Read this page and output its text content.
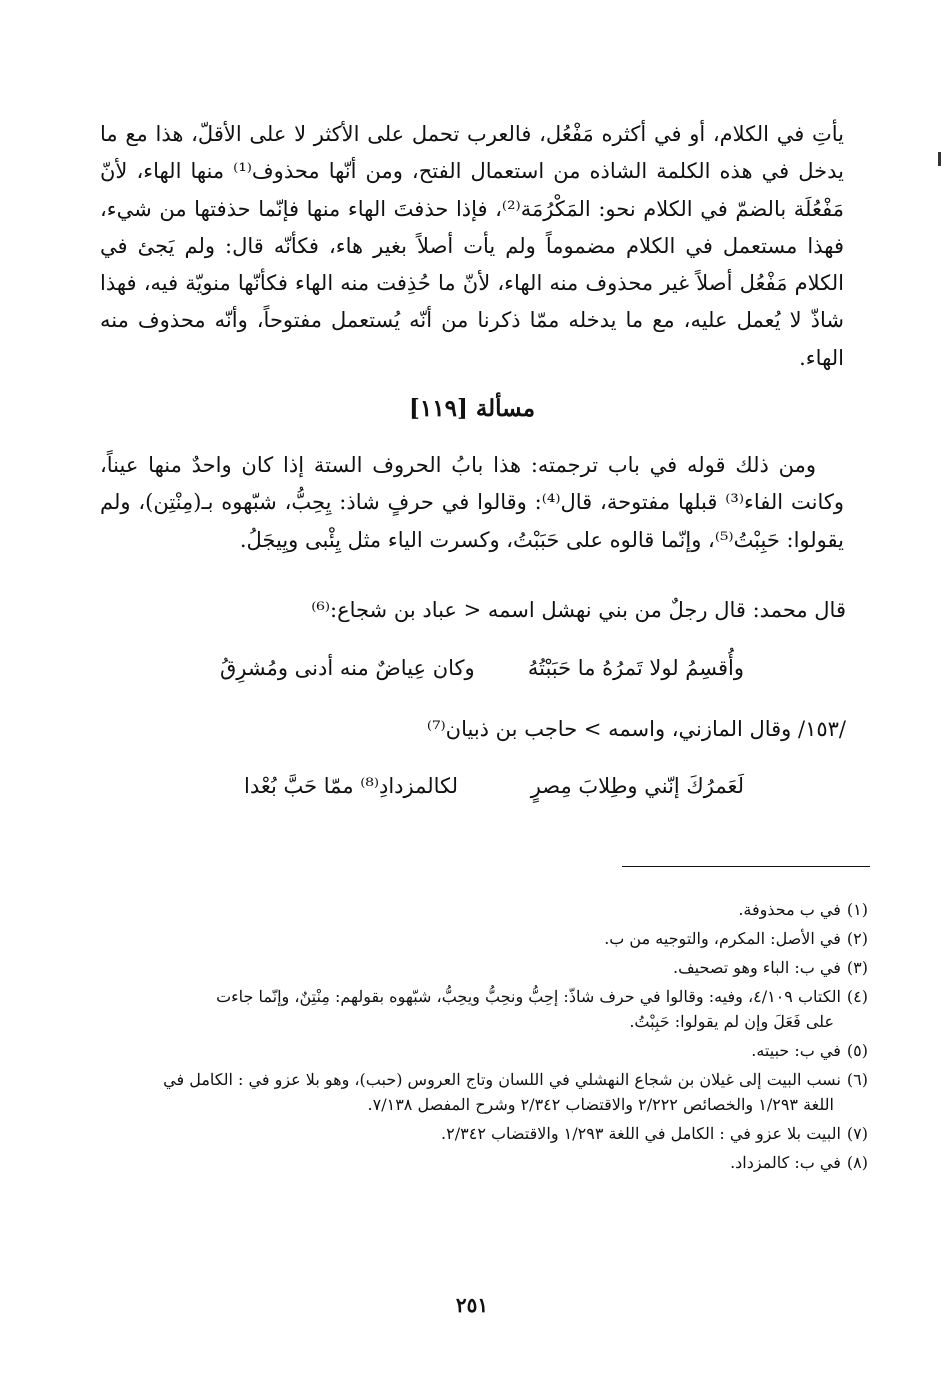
يأتِ في الكلام، أو في أكثره مَفْعُل، فالعرب تحمل على الأكثر لا على الأقلّ، هذا مع ما يدخل في هذه الكلمة الشاذه من استعمال الفتح، ومن أنّها محذوف⁽¹⁾ منها الهاء، لأنّ مَفْعُلَة بالضمّ في الكلام نحو: المَكْرُمَة⁽²⁾، فإذا حذفتَ الهاء منها فإنّما حذفتها من شيء، فهذا مستعمل في الكلام مضموماً ولم يأت أصلاً بغير هاء، فكأنّه قال: ولم يَجئ في الكلام مَفْعُل أصلاً غير محذوف منه الهاء، لأنّ ما حُذِفت منه الهاء فكأنّها منويّة فيه، فهذا شاذّ لا يُعمل عليه، مع ما يدخله ممّا ذكرنا من أنّه يُستعمل مفتوحاً، وأنّه محذوف منه الهاء.

مسألة [١١٩]

ومن ذلك قوله في باب ترجمته: هذا بابُ الحروف الستة إذا كان واحدٌ منها عيناً، وكانت الفاء⁽³⁾ قبلها مفتوحة، قال⁽⁴⁾: وقالوا في حرفٍ شاذ: يِحِبُّ، شبّهوه بـ(مِنْتِن)، ولم يقولوا: حَبِبْتُ⁽⁵⁾، وإنّما قالوه على حَبَبْتُ، وكسرت الياء مثل يِئْبى ويِيجَلُ.

قال محمد: قال رجلٌ من بني نهشل اسمه < عباد بن شجاع:⁽⁶⁾
وأُقسِمُ لولا تَمرُهُ ما حَبَبْتُهُ
وكان عِياضٌ منه أدنى ومُشرِقُ
/١٥٣/ وقال المازني، واسمه > حاجب بن ذبيان⁽⁷⁾
لَعَمرُكَ إنّني وطِلابَ مِصرٍ
لكالمزدادِ⁽⁸⁾ ممّا حَبَّ بُعْدا
(١)في ب محذوفة.
(٢)في الأصل: المكرم، والتوجيه من ب.
(٣)في ب: الباء وهو تصحيف.
(٤)الكتاب ٤/١٠٩، وفيه: وقالوا في حرف شاذّ: إحِبُّ ونحِبُّ ويحِبُّ، شبّهوه بقولهم: مِنْتِنٌ، وإنّما جاءت
على فَعَلَ وإن لم يقولوا: حَبِبْتُ.
(٥)في ب: حبيته.
(٦)نسب البيت إلى غيلان بن شجاع النهشلي في اللسان وتاج العروس (حبب)، وهو بلا عزو في : الكامل في
اللغة ١/٢٩٣ والخصائص ٢/٢٢٢ والاقتضاب ٢/٣٤٢ وشرح المفصل ٧/١٣٨.
(٧)البيت بلا عزو في : الكامل في اللغة ١/٢٩٣ والاقتضاب ٢/٣٤٢.
(٨)في ب: كالمزداد.
٢٥١
